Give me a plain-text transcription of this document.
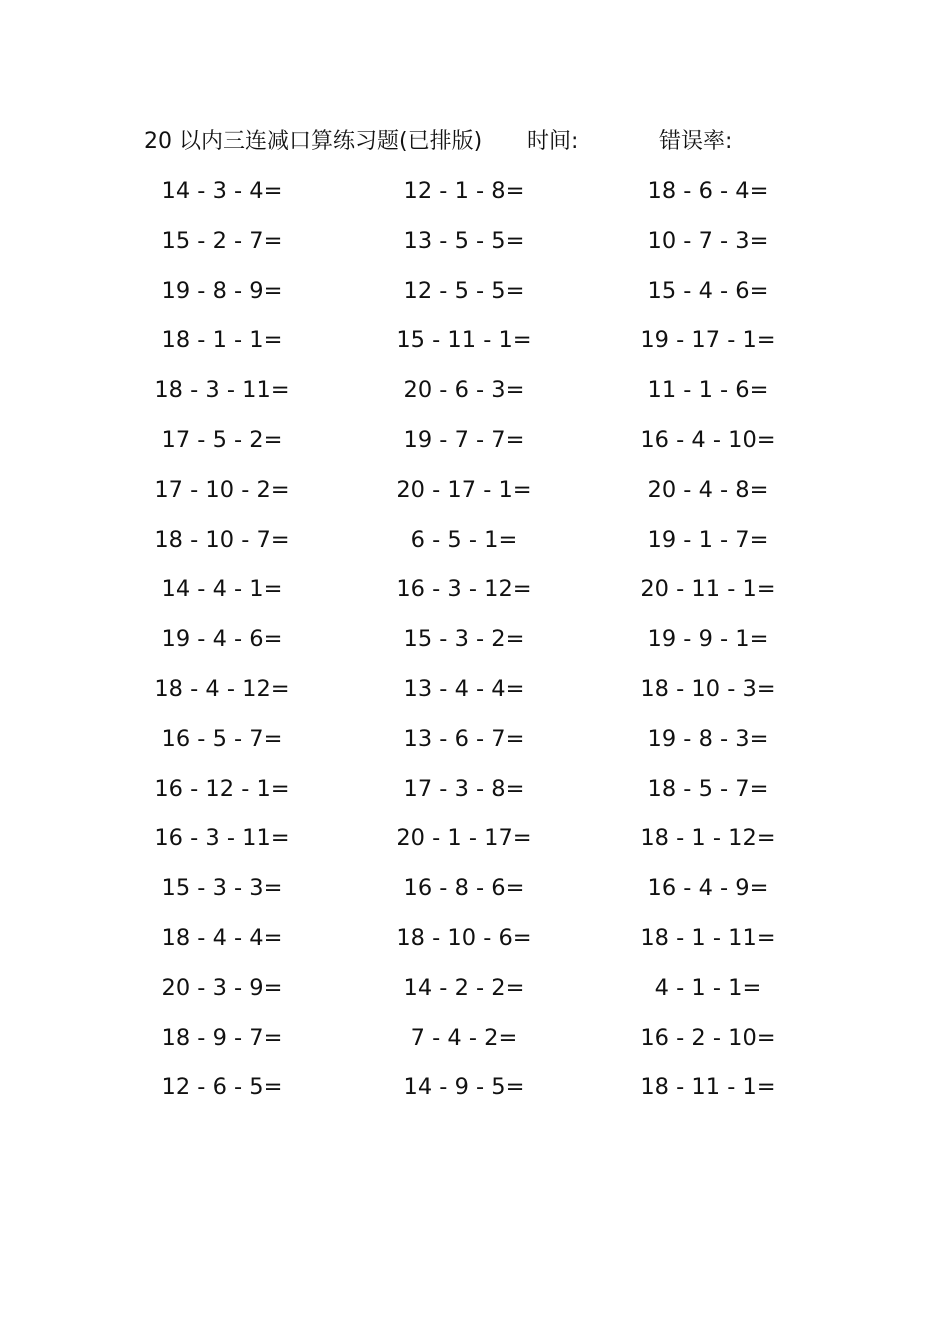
20 以内三连减口算练习题(已排版) 时间:	错误率:
14 - 3 - 4=	12 - 1 - 8=	18 - 6 - 4=
15 - 2 - 7=	13 - 5 - 5=	10 - 7 - 3=
19 - 8 - 9=	12 - 5 - 5=	15 - 4 - 6=
18 - 1 - 1=	15 - 11 - 1=	19 - 17 - 1=
18 - 3 - 11=	20 - 6 - 3=	11 - 1 - 6=
17 - 5 - 2=	19 - 7 - 7=	16 - 4 - 10=
17 - 10 - 2=	20 - 17 - 1=	20 - 4 - 8=
18 - 10 - 7=	6 - 5 - 1=	19 - 1 - 7=
14 - 4 - 1=	16 - 3 - 12=	20 - 11 - 1=
19 - 4 - 6=	15 - 3 - 2=	19 - 9 - 1=
18 - 4 - 12=	13 - 4 - 4=	18 - 10 - 3=
16 - 5 - 7=	13 - 6 - 7=	19 - 8 - 3=
16 - 12 - 1=	17 - 3 - 8=	18 - 5 - 7=
16 - 3 - 11=	20 - 1 - 17=	18 - 1 - 12=
15 - 3 - 3=	16 - 8 - 6=	16 - 4 - 9=
18 - 4 - 4=	18 - 10 - 6=	18 - 1 - 11=
20 - 3 - 9=	14 - 2 - 2=	4 - 1 - 1=
18 - 9 - 7=	7 - 4 - 2=	16 - 2 - 10=
12 - 6 - 5=	14 - 9 - 5=	18 - 11 - 1=
